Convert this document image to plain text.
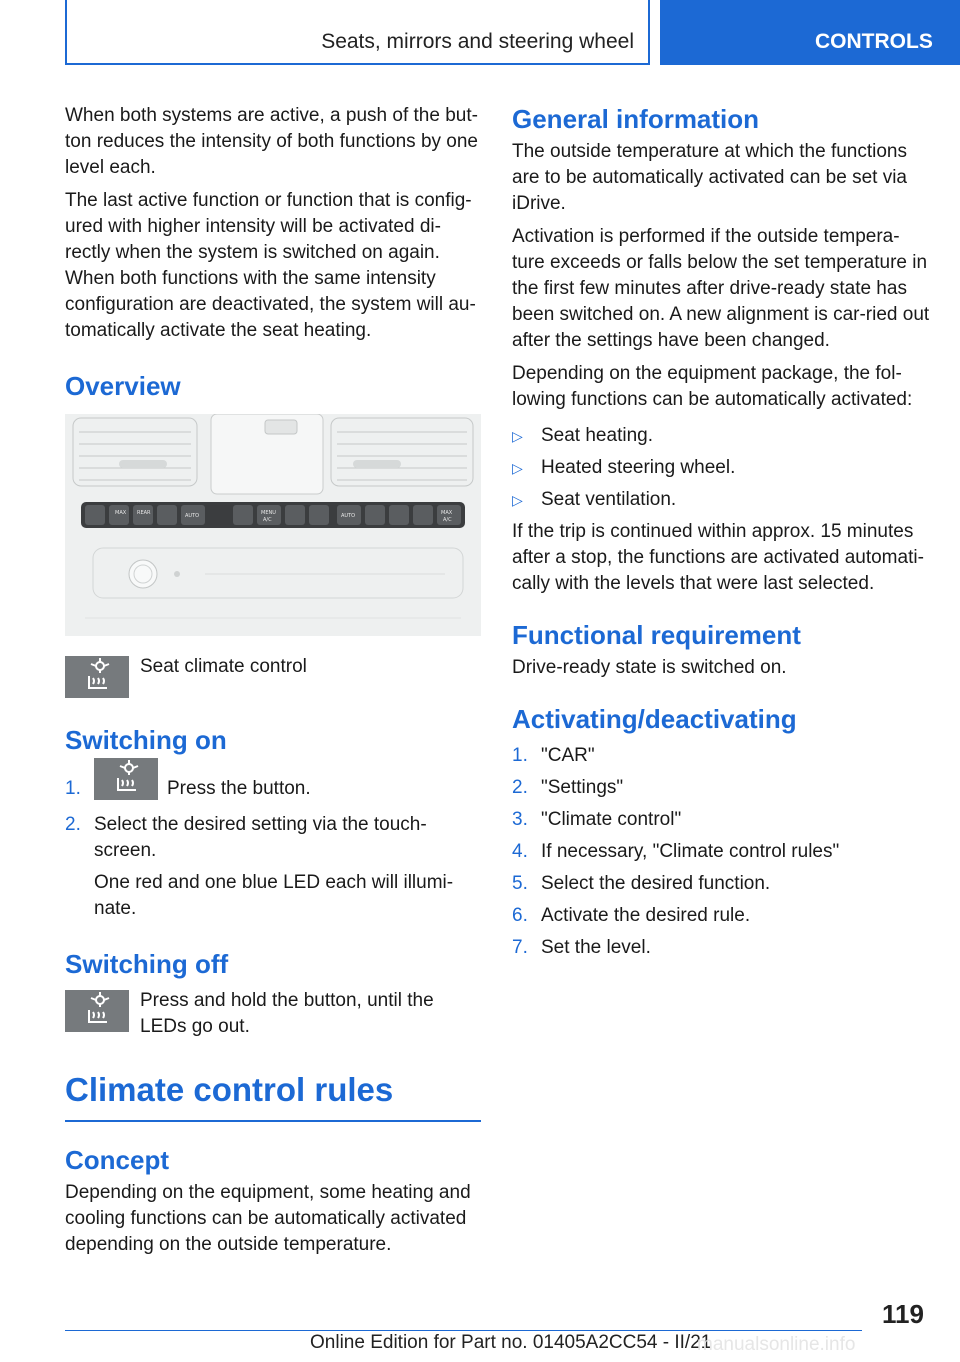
Seats, mirrors and steering wheel	CONTROLS

When both systems are active, a push of the but-ton reduces the intensity of both functions by one level each.

The last active function or function that is config-ured with higher intensity will be activated di-rectly when the system is switched on again. When both functions with the same intensity configuration are deactivated, the system will au-tomatically activate the seat heating.

Overview
MAX REAR	AUTO	MENU
A/C
AUTO	MAX
A/C
Seat climate control
Switching on
1.	Press the button.
2. Select the desired setting via the touch-screen.

One red and one blue LED each will illumi-nate.

Switching off

Press and hold the button, until the LEDs go out.

Climate control rules
Concept

Depending on the equipment, some heating and cooling functions can be automatically activated depending on the outside temperature.

General information

The outside temperature at which the functions are to be automatically activated can be set via iDrive.

Activation is performed if the outside tempera-ture exceeds or falls below the set temperature in the first few minutes after drive-ready state has been switched on. A new alignment is car-ried out after the settings have been changed.

Depending on the equipment package, the fol-lowing functions can be automatically activated:

▷ Seat heating.
▷ Heated steering wheel.
▷ Seat ventilation.

If the trip is continued within approx. 15 minutes after a stop, the functions are activated automati-cally with the levels that were last selected.

Functional requirement

Drive-ready state is switched on.

Activating/deactivating
1. "CAR"
2. "Settings"
3. "Climate control"
4. If necessary, "Climate control rules"
5. Select the desired function.
6. Activate the desired rule.
7. Set the level.
119
Online Edition for Part no. 01405A2CC54 - II/21
manualsonline.info
